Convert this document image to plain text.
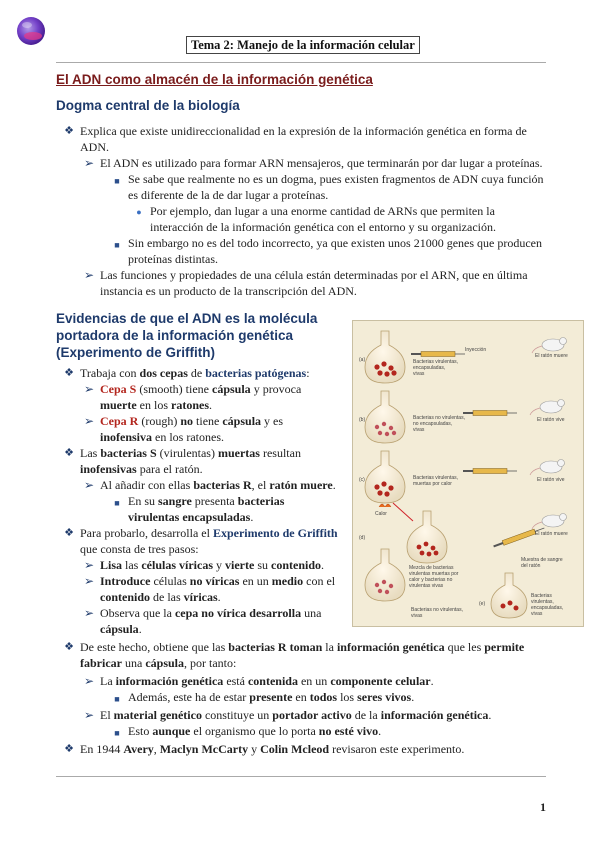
Tema 2: Manejo de la información celular
El ADN como almacén de la información genética
Dogma central de la biología
❖ Explica que existe unidireccionalidad en la expresión de la información genética en forma de
ADN.
➢ El ADN es utilizado para formar ARN mensajeros, que terminarán por dar lugar a proteínas.
■ Se sabe que realmente no es un dogma, pues existen fragmentos de ADN cuya función
es diferente de la de dar lugar a proteínas.
● Por ejemplo, dan lugar a una enorme cantidad de ARNs que permiten la
interacción de la información genética con el entorno y su organización.
■ Sin embargo no es del todo incorrecto, ya que existen unos 21000 genes que producen
proteínas distintas.
➢ Las funciones y propiedades de una célula están determinadas por el ARN, que en última
instancia es un producto de la transcripción del ADN.
Evidencias de que el ADN es la molécula
portadora de la información genética
(Experimento de Griffith)
❖ Trabaja con dos cepas de bacterias patógenas:
➢ Cepa S (smooth) tiene cápsula y provoca
muerte en los ratones.
➢ Cepa R (rough) no tiene cápsula y es
inofensiva en los ratones.
❖ Las bacterias S (virulentas) muertas resultan
inofensivas para el ratón.
➢ Al añadir con ellas bacterias R, el ratón muere.
■ En su sangre presenta bacterias
virulentas encapsuladas.
❖ Para probarlo, desarrolla el Experimento de Griffith
que consta de tres pasos:
➢ Lisa las células víricas y vierte su contenido.
➢ Introduce células no víricas en un medio con el
contenido de las víricas.
➢ Observa que la cepa no vírica desarrolla una
cápsula.
❖ De este hecho, obtiene que las bacterias R toman la información genética que les permite
fabricar una cápsula, por tanto:
➢ La información genética está contenida en un componente celular.
■ Además, este ha de estar presente en todos los seres vivos.
➢ El material genético constituye un portador activo de la información genética.
■ Esto aunque el organismo que lo porta no esté vivo.
❖ En 1944 Avery, Maclyn McCarty y Colin Mcleod revisaron este experimento.
(a)	Bacterias virulentas,
encapsuladas,
vivas
Inyección
El ratón muere
(b)	Bacterias no virulentas,
no encapsuladas,
vivas
El ratón vive
(c)
Calor
Bacterias virulentas,
muertas por calor
El ratón vive
(d)
Mezcla de bacterias
virulentas muertas por
calor y bacterias no
virulentas vivas
El ratón muere
Muestra de sangre
del ratón
(e)
Bacterias no virulentas,
vivas
Bacterias
virulentas,
encapsuladas,
vivas
1
